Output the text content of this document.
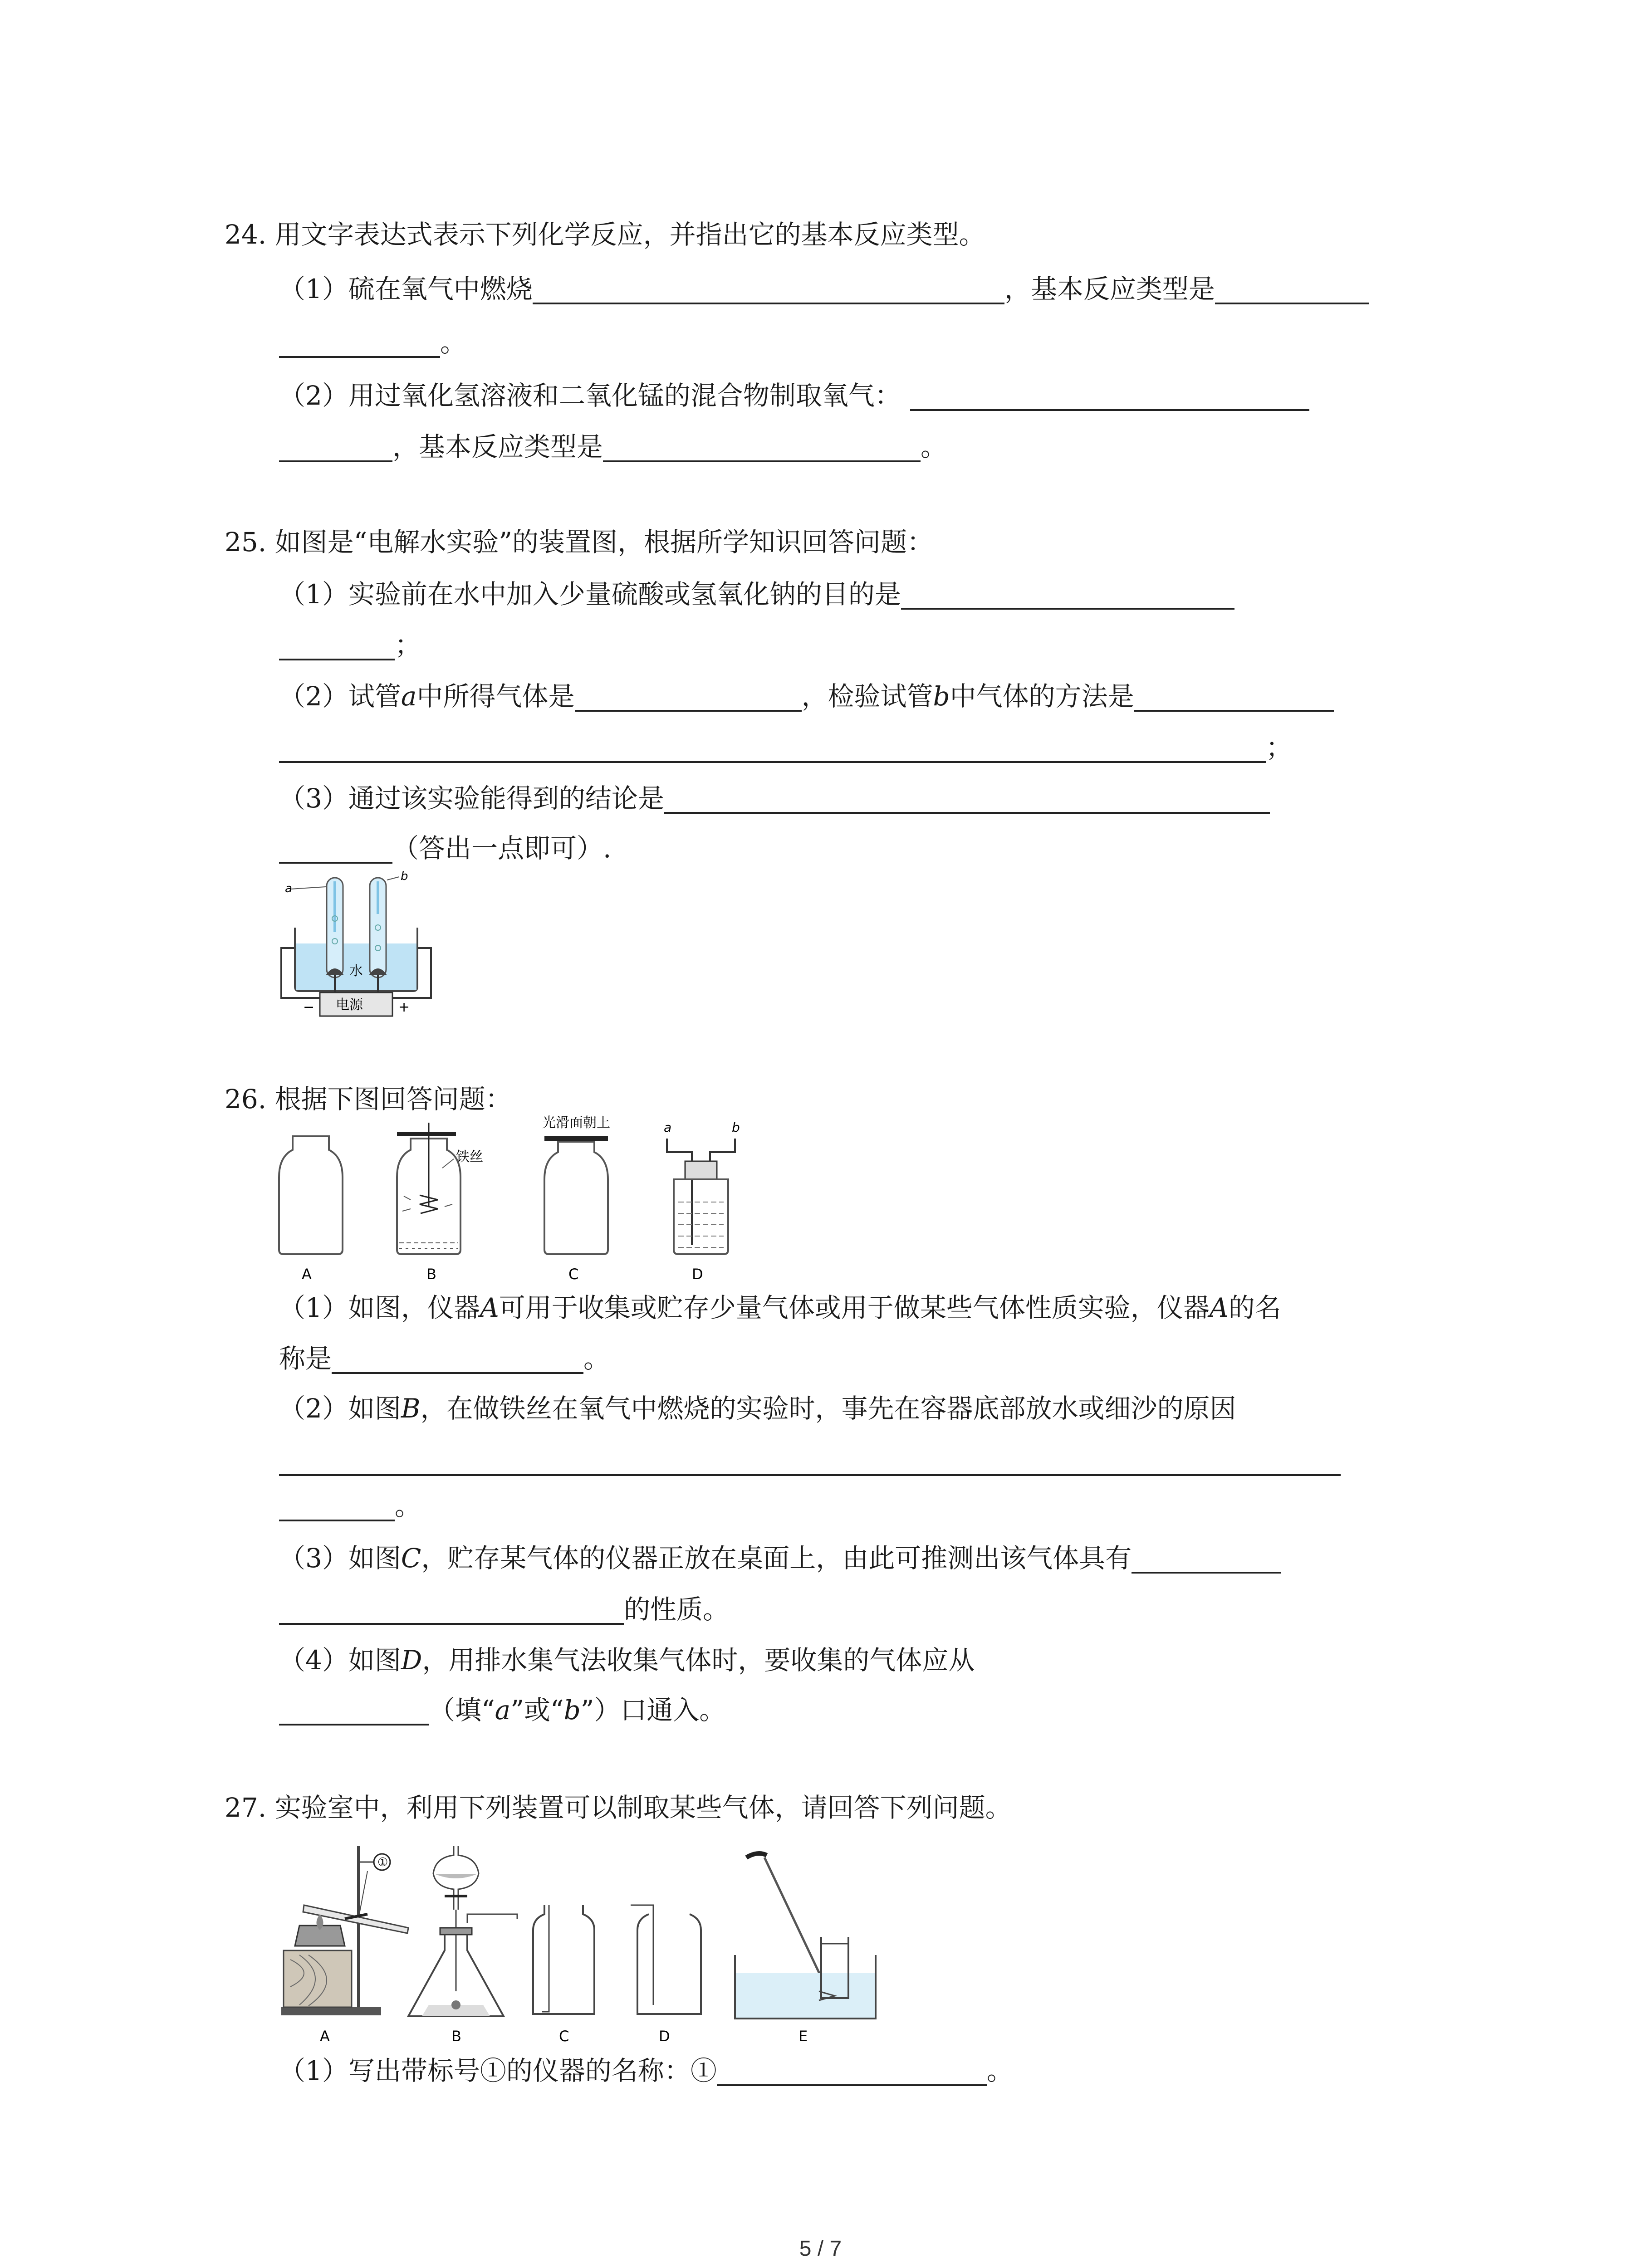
24. 用文字表达式表示下列化学反应，并指出它的基本反应类型。
（1）硫在氧气中燃烧	，基本反应类型是
。
（2）用过氧化氢溶液和二氧化锰的混合物制取氧气：
，基本反应类型是	。
25. 如图是“电解水实验”的装置图，根据所学知识回答问题：
（1）实验前在水中加入少量硫酸或氢氧化钠的目的是
；
（2）试管a中所得气体是	，检验试管b中气体的方法是
；
（3）通过该实验能得到的结论是
（答出一点即可）.
a
b
水
电源
−	+
26. 根据下图回答问题：
A
铁丝
B
光滑面朝上
C
a	b
D
（1）如图，仪器A可用于收集或贮存少量气体或用于做某些气体性质实验，仪器A的名
称是	。
（2）如图B，在做铁丝在氧气中燃烧的实验时，事先在容器底部放水或细沙的原因
。
（3）如图C，贮存某气体的仪器正放在桌面上，由此可推测出该气体具有
的性质。
（4）如图D，用排水集气法收集气体时，要收集的气体应从
（填“a”或“b”）口通入。
27. 实验室中，利用下列装置可以制取某些气体，请回答下列问题。
①
A	B	C	D	E
（1）写出带标号①的仪器的名称：①	。
5 / 7
